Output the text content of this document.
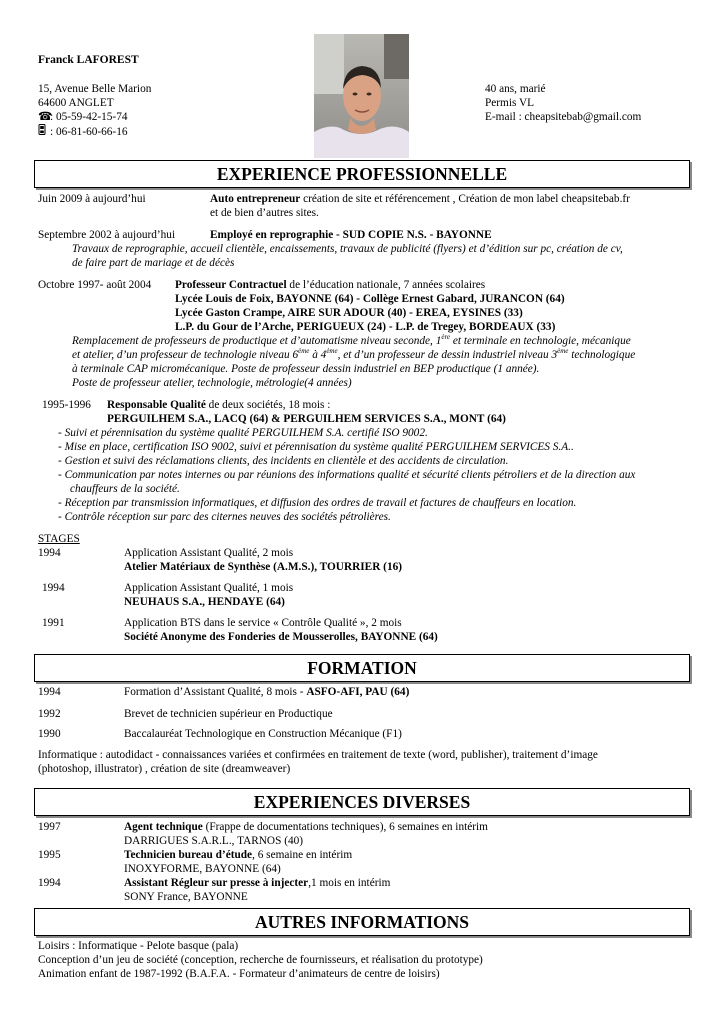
Franck LAFOREST
15, Avenue Belle Marion
64600 ANGLET
☎: 05-59-42-15-74
: 06-81-60-66-16
40 ans, marié
Permis VL
E-mail : cheapsitebab@gmail.com
EXPERIENCE PROFESSIONNELLE
Juin 2009 à aujourd’hui	Auto entrepreneur création de site et référencement , Création de mon label cheapsitebab.fr
et de bien d’autres sites.
Septembre 2002 à aujourd’hui	Employé en reprographie - SUD COPIE N.S. - BAYONNE
Travaux de reprographie, accueil clientèle, encaissements, travaux de publicité (flyers) et d’édition sur pc, création de cv,
de faire part de mariage et de décès
Octobre 1997- août 2004 Professeur Contractuel de l’éducation nationale, 7 années scolaires
Lycée Louis de Foix, BAYONNE (64) - Collège Ernest Gabard, JURANCON (64)
Lycée Gaston Crampe, AIRE SUR ADOUR (40) - EREA, EYSINES (33)
L.P. du Gour de l’Arche, PERIGUEUX (24) - L.P. de Tregey, BORDEAUX (33)
Remplacement de professeurs de productique et d’automatisme niveau seconde, 1ère et terminale en technologie, mécanique
et atelier, d’un professeur de technologie niveau 6ème à 4ème, et d’un professeur de dessin industriel niveau 3ème technologique
à terminale CAP micromécanique. Poste de professeur dessin industriel en BEP productique (1 année).
Poste de professeur atelier, technologie, métrologie(4 années)
1995-1996 Responsable Qualité de deux sociétés, 18 mois :
PERGUILHEM S.A., LACQ (64) & PERGUILHEM SERVICES S.A., MONT (64)
- Suivi et pérennisation du système qualité PERGUILHEM S.A. certifié ISO 9002.
- Mise en place, certification ISO 9002, suivi et pérennisation du système qualité PERGUILHEM SERVICES S.A..
- Gestion et suivi des réclamations clients, des incidents en clientèle et des accidents de circulation.
- Communication par notes internes ou par réunions des informations qualité et sécurité clients pétroliers et de la direction aux
chauffeurs de la société.
- Réception par transmission informatiques, et diffusion des ordres de travail et factures de chauffeurs en location.
- Contrôle réception sur parc des citernes neuves des sociétés pétrolières.
STAGES
1994	Application Assistant Qualité, 2 mois
Atelier Matériaux de Synthèse (A.M.S.), TOURRIER (16)
1994	Application Assistant Qualité, 1 mois
NEUHAUS S.A., HENDAYE (64)
1991	Application BTS dans le service « Contrôle Qualité », 2 mois
Société Anonyme des Fonderies de Mousserolles, BAYONNE (64)
FORMATION
1994	Formation d’Assistant Qualité, 8 mois - ASFO-AFI, PAU (64)
1992	Brevet de technicien supérieur en Productique
1990	Baccalauréat Technologique en Construction Mécanique (F1)
Informatique : autodidact - connaissances variées et confirmées en traitement de texte (word, publisher), traitement d’image
(photoshop, illustrator) , création de site (dreamweaver)
EXPERIENCES DIVERSES
1997	Agent technique (Frappe de documentations techniques), 6 semaines en intérim
DARRIGUES S.A.R.L., TARNOS (40)
1995	Technicien bureau d’étude, 6 semaine en intérim
INOXYFORME, BAYONNE (64)
1994	Assistant Régleur sur presse à injecter,1 mois en intérim
SONY France, BAYONNE
AUTRES INFORMATIONS
Loisirs : Informatique - Pelote basque (pala)
Conception d’un jeu de société (conception, recherche de fournisseurs, et réalisation du prototype)
Animation enfant de 1987-1992 (B.A.F.A. - Formateur d’animateurs de centre de loisirs)
